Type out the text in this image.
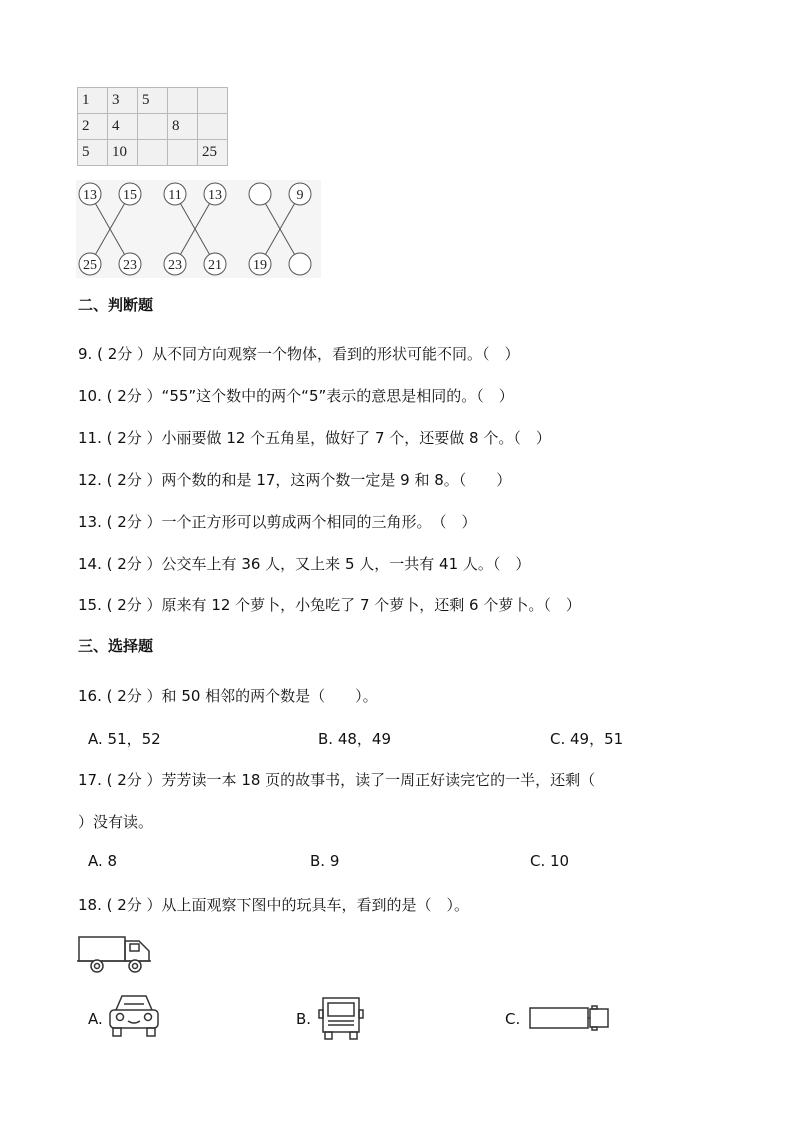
1	3	5		
2	4		8	
5	10			25
13 15 11 13	9
25 23 23 21 19
二、判断题
9. ( 2分 ）从不同方向观察一个物体，看到的形状可能不同。（　）
10. ( 2分 ）“55”这个数中的两个“5”表示的意思是相同的。（　）
11. ( 2分 ）小丽要做 12 个五角星，做好了 7 个，还要做 8 个。（　）
12. ( 2分 ）两个数的和是 17，这两个数一定是 9 和 8。（　　）
13. ( 2分 ）一个正方形可以剪成两个相同的三角形。　（　）
14. ( 2分 ）公交车上有 36 人，又上来 5 人，一共有 41 人。（　）
15. ( 2分 ）原来有 12 个萝卜，小兔吃了 7 个萝卜，还剩 6 个萝卜。（　）
三、选择题
16. ( 2分 ）和 50 相邻的两个数是（　　）。
A. 51，52	B. 48，49	C. 49，51
17. ( 2分 ）芳芳读一本 18 页的故事书，读了一周正好读完它的一半，还剩（
）没有读。
A. 8	B. 9	C. 10
18. ( 2分 ）从上面观察下图中的玩具车，看到的是（　）。
A.	B.	C.
